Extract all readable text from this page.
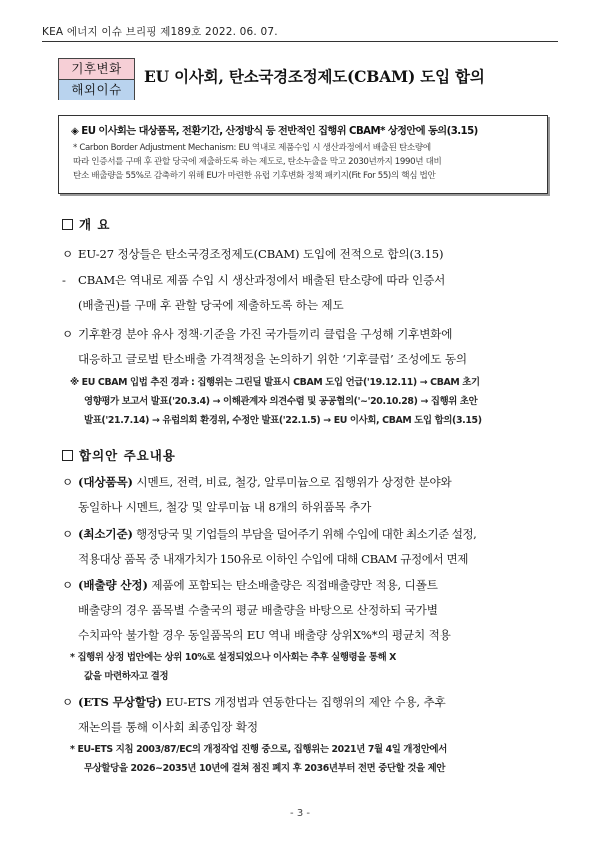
KEA 에너지 이슈 브리핑 제189호 2022. 06. 07.
기후변화
해외이슈
EU 이사회, 탄소국경조정제도(CBAM) 도입 합의
◈ EU 이사회는 대상품목, 전환기간, 산정방식 등 전반적인 집행위 CBAM* 상정안에 동의(3.15)
* Carbon Border Adjustment Mechanism: EU 역내로 제품수입 시 생산과정에서 배출된 탄소량에
따라 인증서를 구매 후 관할 당국에 제출하도록 하는 제도로, 탄소누출을 막고 2030년까지 1990년 대비
탄소 배출량을 55%로 감축하기 위해 EU가 마련한 유럽 기후변화 정책 패키지(Fit For 55)의 핵심 법안
개 요
ㅇ EU-27 정상들은 탄소국경조정제도(CBAM) 도입에 전적으로 합의(3.15)
- CBAM은 역내로 제품 수입 시 생산과정에서 배출된 탄소량에 따라 인증서
(배출권)를 구매 후 관할 당국에 제출하도록 하는 제도
ㅇ 기후환경 분야 유사 정책·기준을 가진 국가들끼리 클럽을 구성해 기후변화에
대응하고 글로벌 탄소배출 가격책정을 논의하기 위한 ‘기후클럽’ 조성에도 동의
※ EU CBAM 입법 추진 경과 : 집행위는 그린딜 발표시 CBAM 도입 언급('19.12.11) → CBAM 초기
영향평가 보고서 발표('20.3.4) → 이해관계자 의견수렴 및 공공협의('~'20.10.28) → 집행위 초안
발표('21.7.14) → 유럽의회 환경위, 수정안 발표('22.1.5) → EU 이사회, CBAM 도입 합의(3.15)
합의안 주요내용
ㅇ (대상품목) 시멘트, 전력, 비료, 철강, 알루미늄으로 집행위가 상정한 분야와
동일하나 시멘트, 철강 및 알루미늄 내 8개의 하위품목 추가
ㅇ (최소기준) 행정당국 및 기업들의 부담을 덜어주기 위해 수입에 대한 최소기준 설정,
적용대상 품목 중 내재가치가 150유로 이하인 수입에 대해 CBAM 규정에서 면제
ㅇ (배출량 산정) 제품에 포함되는 탄소배출량은 직접배출량만 적용, 디폴트
배출량의 경우 품목별 수출국의 평균 배출량을 바탕으로 산정하되 국가별
수치파악 불가할 경우 동일품목의 EU 역내 배출량 상위X%*의 평균치 적용
* 집행위 상정 법안에는 상위 10%로 설정되었으나 이사회는 추후 실행령을 통해 X
값을 마련하자고 결정
ㅇ (ETS 무상할당) EU-ETS 개정법과 연동한다는 집행위의 제안 수용, 추후
재논의를 통해 이사회 최종입장 확정
* EU-ETS 지침 2003/87/EC의 개정작업 진행 중으로, 집행위는 2021년 7월 4일 개정안에서
무상할당을 2026~2035년 10년에 걸쳐 점진 폐지 후 2036년부터 전면 중단할 것을 제안
- 3 -
